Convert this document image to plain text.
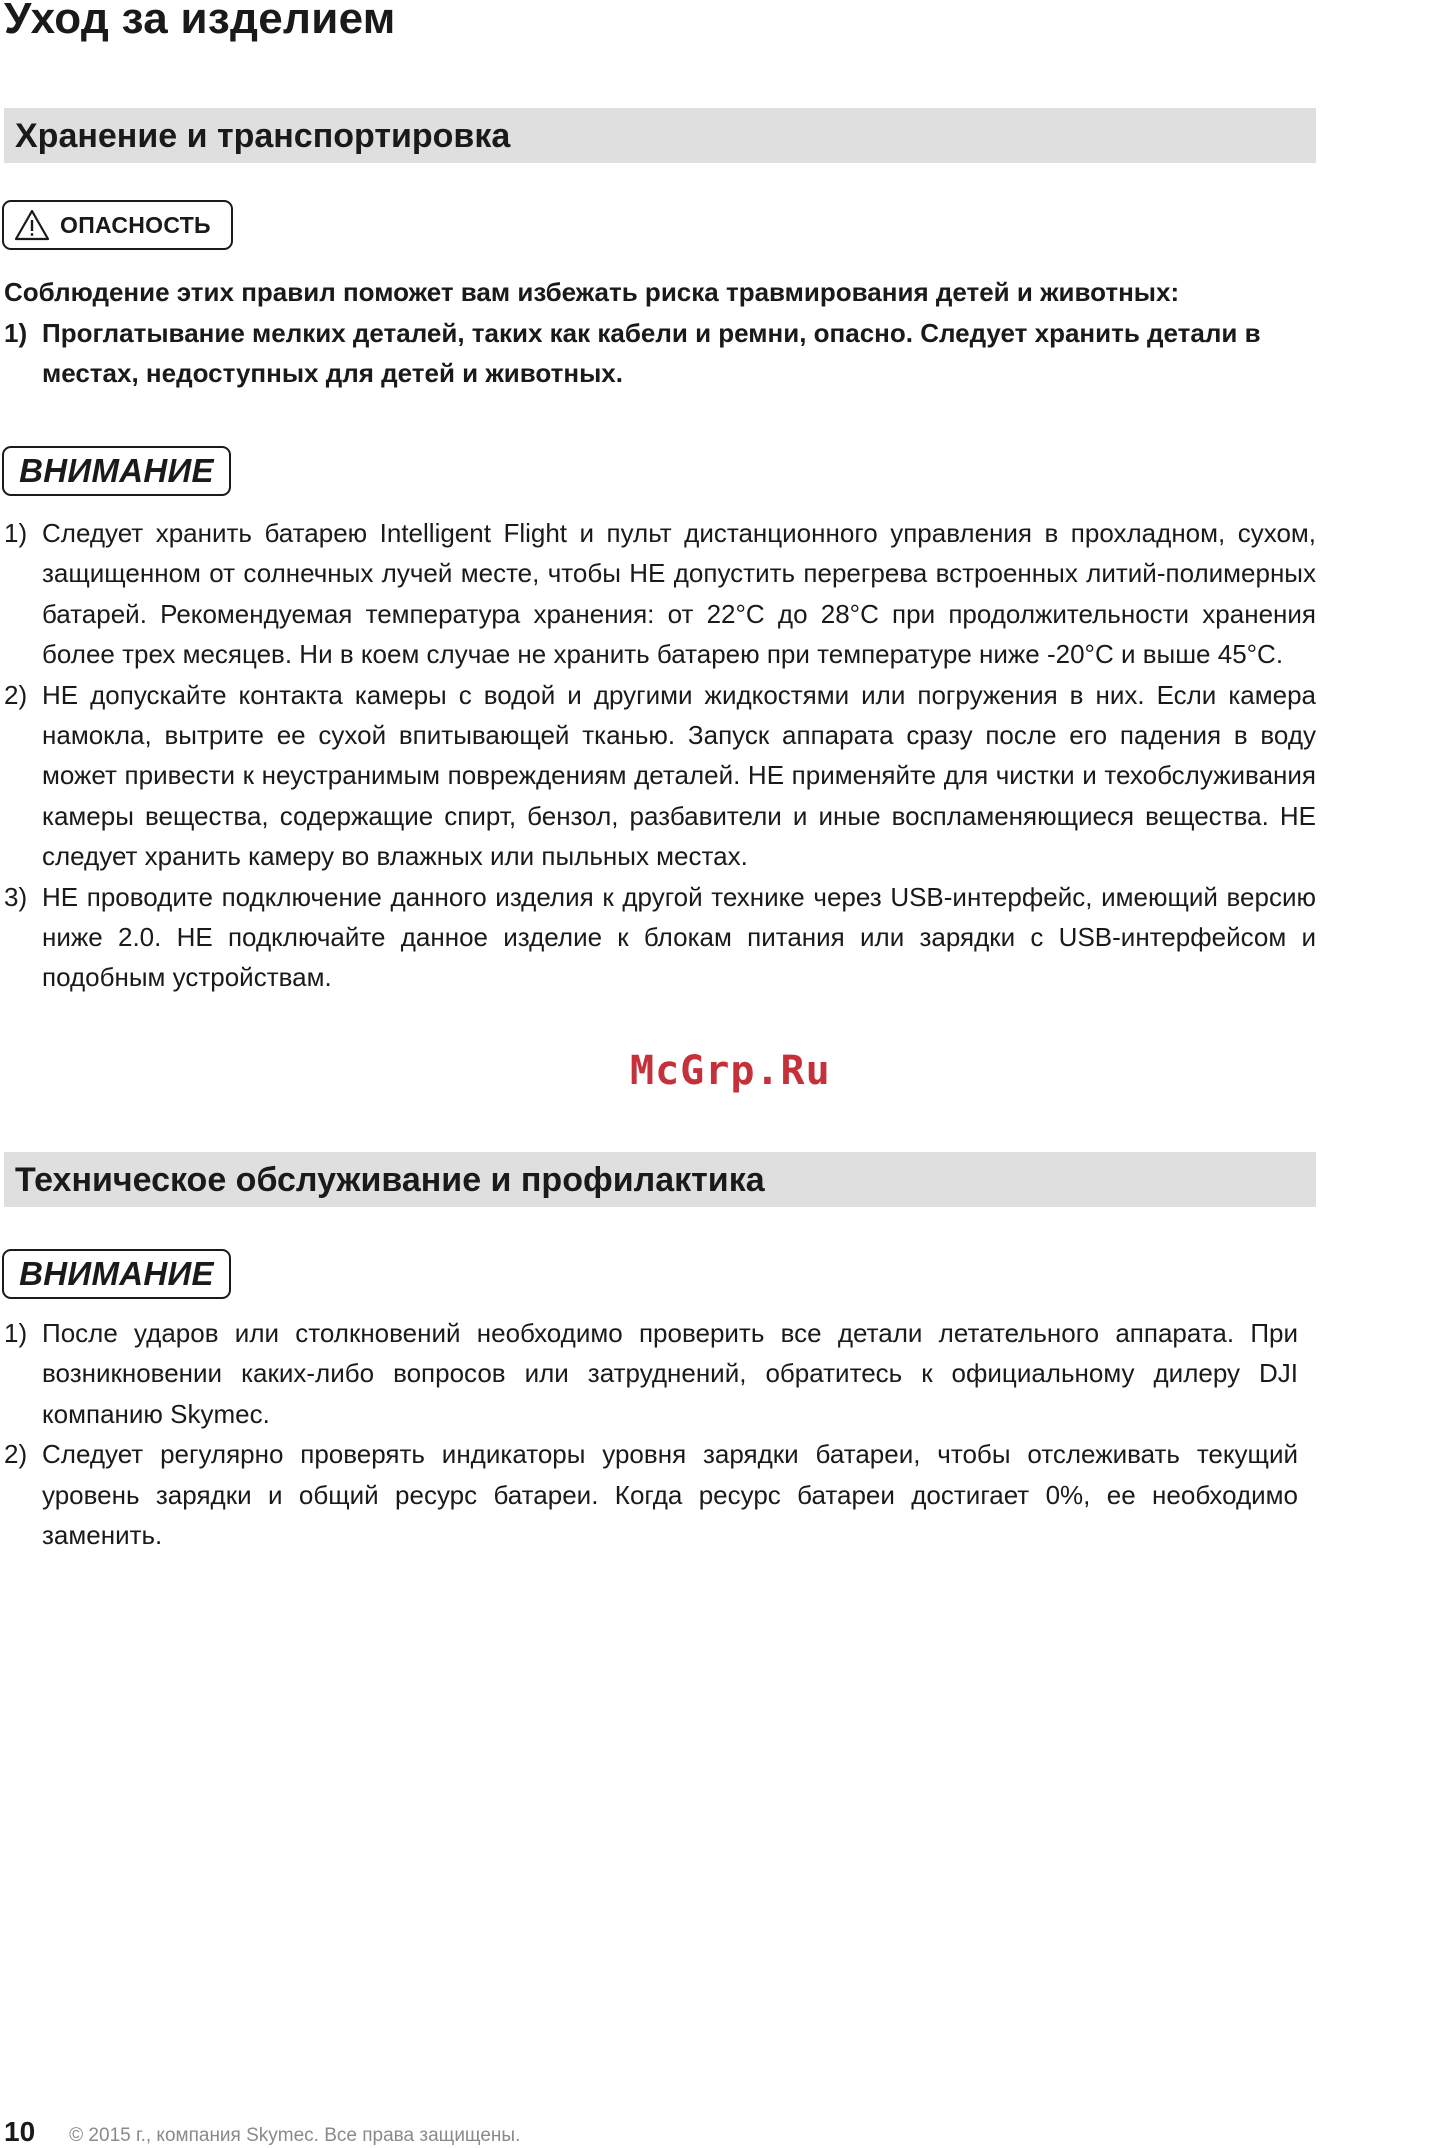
Уход за изделием
Хранение и транспортировка
ОПАСНОСТЬ
Соблюдение этих правил поможет вам избежать риска травмирования детей и животных:
1) Проглатывание мелких деталей, таких как кабели и ремни, опасно. Следует хранить детали в местах, недоступных для детей и животных.
ВНИМАНИЕ
1) Следует хранить батарею Intelligent Flight и пульт дистанционного управления в прохладном, сухом, защищенном от солнечных лучей месте, чтобы НЕ допустить перегрева встроенных литий-полимерных батарей. Рекомендуемая температура хранения: от 22°C до 28°C при продолжительности хранения более трех месяцев. Ни в коем случае не хранить батарею при температуре ниже -20°C и выше 45°C.
2) НЕ допускайте контакта камеры с водой и другими жидкостями или погружения в них. Если камера намокла, вытрите ее сухой впитывающей тканью. Запуск аппарата сразу после его падения в воду может привести к неустранимым повреждениям деталей. НЕ применяйте для чистки и техобслуживания камеры вещества, содержащие спирт, бензол, разбавители и иные воспламеняющиеся вещества. НЕ следует хранить камеру во влажных или пыльных местах.
3) НЕ проводите подключение данного изделия к другой технике через USB-интерфейс, имеющий версию ниже 2.0. НЕ подключайте данное изделие к блокам питания или зарядки с USB-интерфейсом и подобным устройствам.
McGrp.Ru
Техническое обслуживание и профилактика
ВНИМАНИЕ
1) После ударов или столкновений необходимо проверить все детали летательного аппарата. При возникновении каких-либо вопросов или затруднений, обратитесь к официальному дилеру DJI компанию Skymec.
2) Следует регулярно проверять индикаторы уровня зарядки батареи, чтобы отслеживать текущий уровень зарядки и общий ресурс батареи. Когда ресурс батареи достигает 0%, ее необходимо заменить.
10 © 2015 г., компания Skymec. Все права защищены.
